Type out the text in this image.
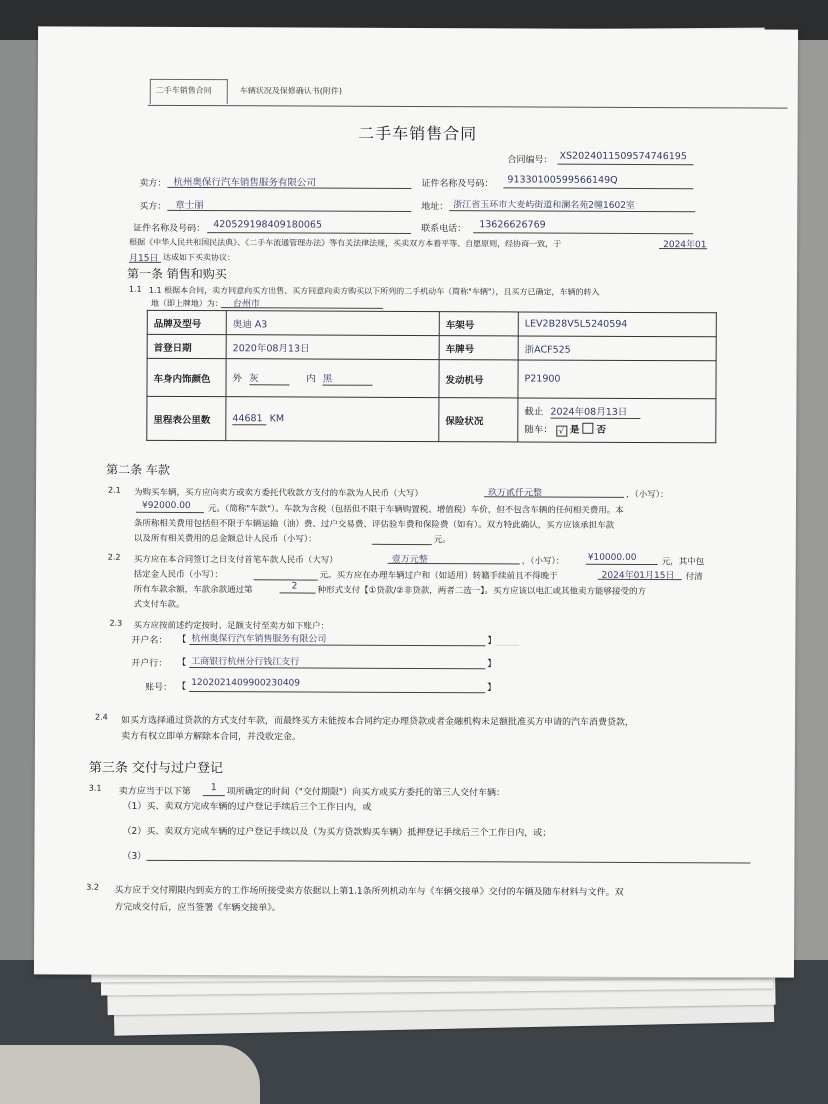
二手车销售合同	车辆状况及保修确认书(附件)
二手车销售合同
合同编号： XS2024011509574746195
卖方： 杭州奥保行汽车销售服务有限公司	证件名称及号码： 91330100599566149Q
买方： 章士丽	地址： 浙江省玉环市大麦屿街道和澜名苑2幢1602室
证件名称及号码： 420529198409180065	联系电话： 13626626769
根据《中华人民共和国民法典》、《二手车流通管理办法》等有关法律法规，买卖双方本着平等、自愿原则，经协商一致，于	2024年01
月15日 达成如下买卖协议：
第一条 销售和购买
1.1 1.1 根据本合同，卖方同意向买方出售、买方同意向卖方购买以下所列的二手机动车（简称"车辆"），且买方已确定，车辆的转入
地（即上牌地）为： 台州市
品牌及型号	奥迪 A3	车架号	LEV2B28V5L5240594
首登日期	2020年08月13日	车牌号	浙ACF525
车身内饰颜色	外 灰 内 黑	发动机号	P21900
里程表公里数	44681 KM	保险状况	截止 2024年08月13日
随车： √ 是 否
第二条 车款
2.1 为购买车辆，买方应向卖方或卖方委托代收款方支付的车款为人民币（大写）	玖万贰仟元整	，（小写）：
¥92000.00 元。（简称"车款"）。车款为含税（包括但不限于车辆购置税、增值税）车价，但不包含车辆的任何相关费用。本
条所称相关费用包括但不限于车辆运输（油）费、过户交易费、评估验车费和保险费（如有）。双方特此确认，买方应该承担车款
以及所有相关费用的总金额总计人民币（小写）：	元。
2.2 买方应在本合同签订之日支付首笔车款人民币（大写）	壹万元整	，（小写）：	¥10000.00	元，其中包
括定金人民币（小写）：	元。买方应在办理车辆过户和（如适用）转籍手续前且不得晚于	2024年01月15日 付清
所有车款余额，车款余款通过第	2 种形式支付【①贷款/②非贷款，两者二选一】。买方应该以电汇或其他卖方能够接受的方
式支付车款。
2.3 买方应按前述约定按时、足额支付至卖方如下账户：
开户名： 【 杭州奥保行汽车销售服务有限公司	】
开户行： 【 工商银行杭州分行钱江支行	】
账号： 【 1202021409900230409	】
2.4 如买方选择通过贷款的方式支付车款，而最终买方未能按本合同约定办理贷款或者金融机构未足额批准买方申请的汽车消费贷款，
卖方有权立即单方解除本合同，并没收定金。
第三条 交付与过户登记
3.1 卖方应当于以下第 1 项所确定的时间（"交付期限"）向买方或买方委托的第三人交付车辆：
（1）买、卖双方完成车辆的过户登记手续后三个工作日内，或
（2）买、卖双方完成车辆的过户登记手续以及（为买方贷款购买车辆）抵押登记手续后三个工作日内，或；
（3）
———
3.2 买方应于交付期限内到卖方的工作场所接受卖方依据以上第1.1条所列机动车与《车辆交接单》交付的车辆及随车材料与文件。双
方完成交付后，应当签署《车辆交接单》。
